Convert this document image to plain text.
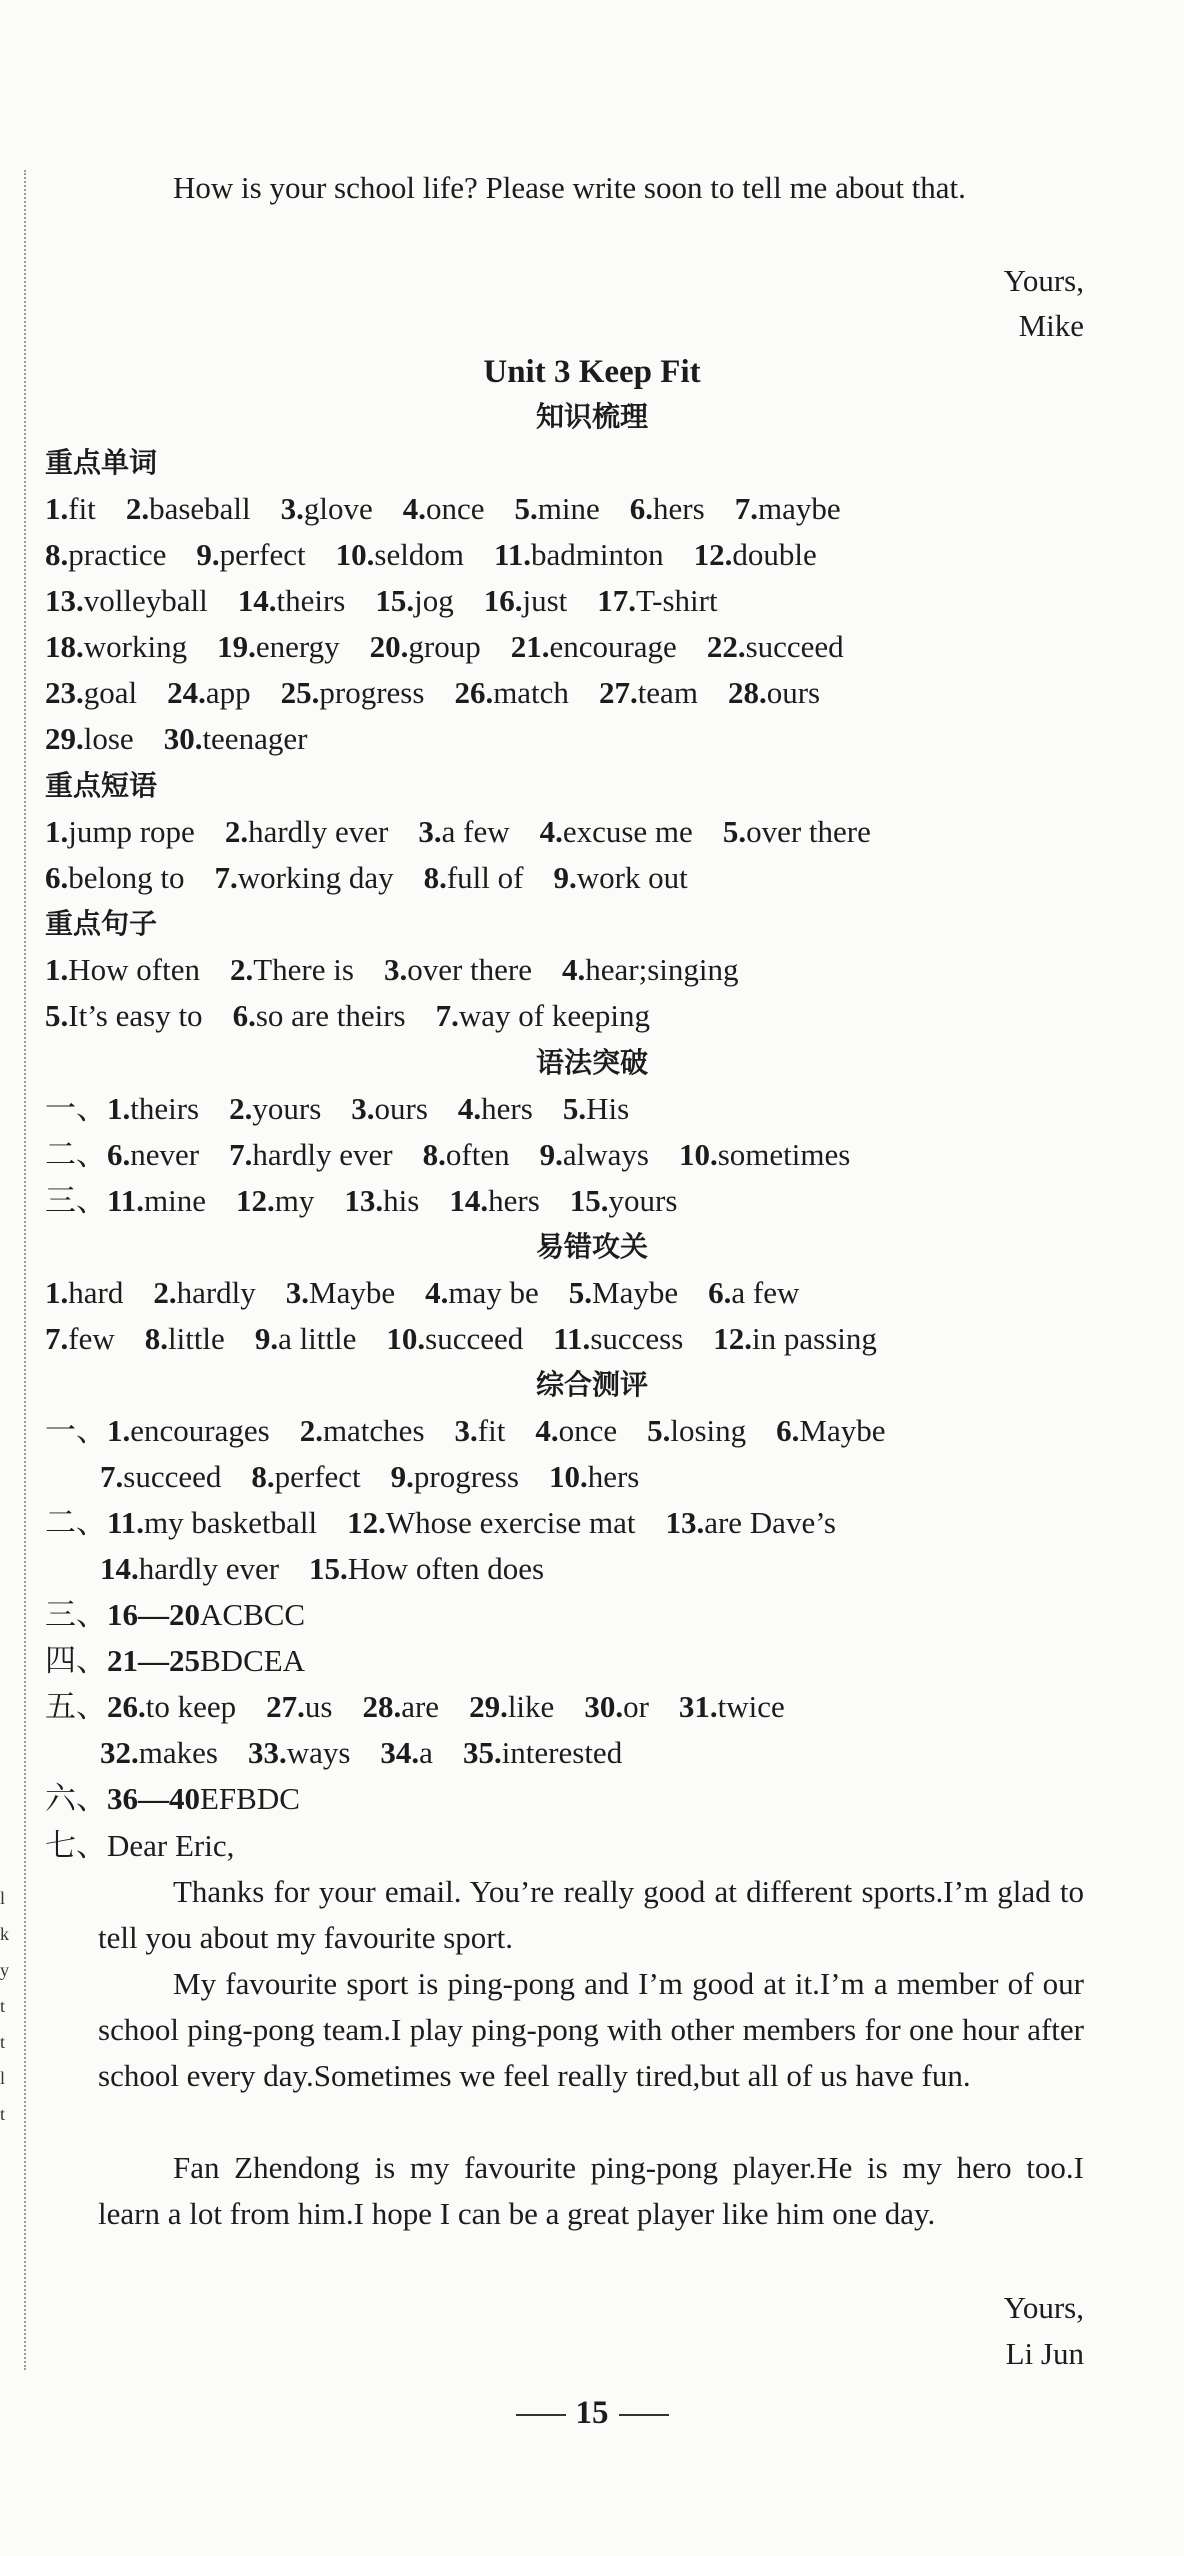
How is your school life? Please write soon to tell me about that.
Yours,
Mike
Unit 3 Keep Fit
知识梳理
重点单词
1.fit 2.baseball 3.glove 4.once 5.mine 6.hers 7.maybe
8.practice 9.perfect 10.seldom 11.badminton 12.double
13.volleyball 14.theirs 15.jog 16.just 17.T-shirt
18.working 19.energy 20.group 21.encourage 22.succeed
23.goal 24.app 25.progress 26.match 27.team 28.ours
29.lose 30.teenager
重点短语
1.jump rope 2.hardly ever 3.a few 4.excuse me 5.over there
6.belong to 7.working day 8.full of 9.work out
重点句子
1.How often 2.There is 3.over there 4.hear;singing
5.It’s easy to 6.so are theirs 7.way of keeping
语法突破
一、1.theirs 2.yours 3.ours 4.hers 5.His
二、6.never 7.hardly ever 8.often 9.always 10.sometimes
三、11.mine 12.my 13.his 14.hers 15.yours
易错攻关
1.hard 2.hardly 3.Maybe 4.may be 5.Maybe 6.a few
7.few 8.little 9.a little 10.succeed 11.success 12.in passing
综合测评
一、1.encourages 2.matches 3.fit 4.once 5.losing 6.Maybe
7.succeed 8.perfect 9.progress 10.hers
二、11.my basketball 12.Whose exercise mat 13.are Dave’s
14.hardly ever 15.How often does
三、16—20ACBCC
四、21—25BDCEA
五、26.to keep 27.us 28.are 29.like 30.or 31.twice
32.makes 33.ways 34.a 35.interested
六、36—40EFBDC
七、Dear Eric,
Thanks for your email. You’re really good at different sports.I’m glad to tell you about my favourite sport.
My favourite sport is ping-pong and I’m good at it.I’m a member of our school ping-pong team.I play ping-pong with other members for one hour after school every day.Sometimes we feel really tired,but all of us have fun.
Fan Zhendong is my favourite ping-pong player.He is my hero too.I learn a lot from him.I hope I can be a great player like him one day.
Yours,
Li Jun
15
l
k
y
t
t
l
t
